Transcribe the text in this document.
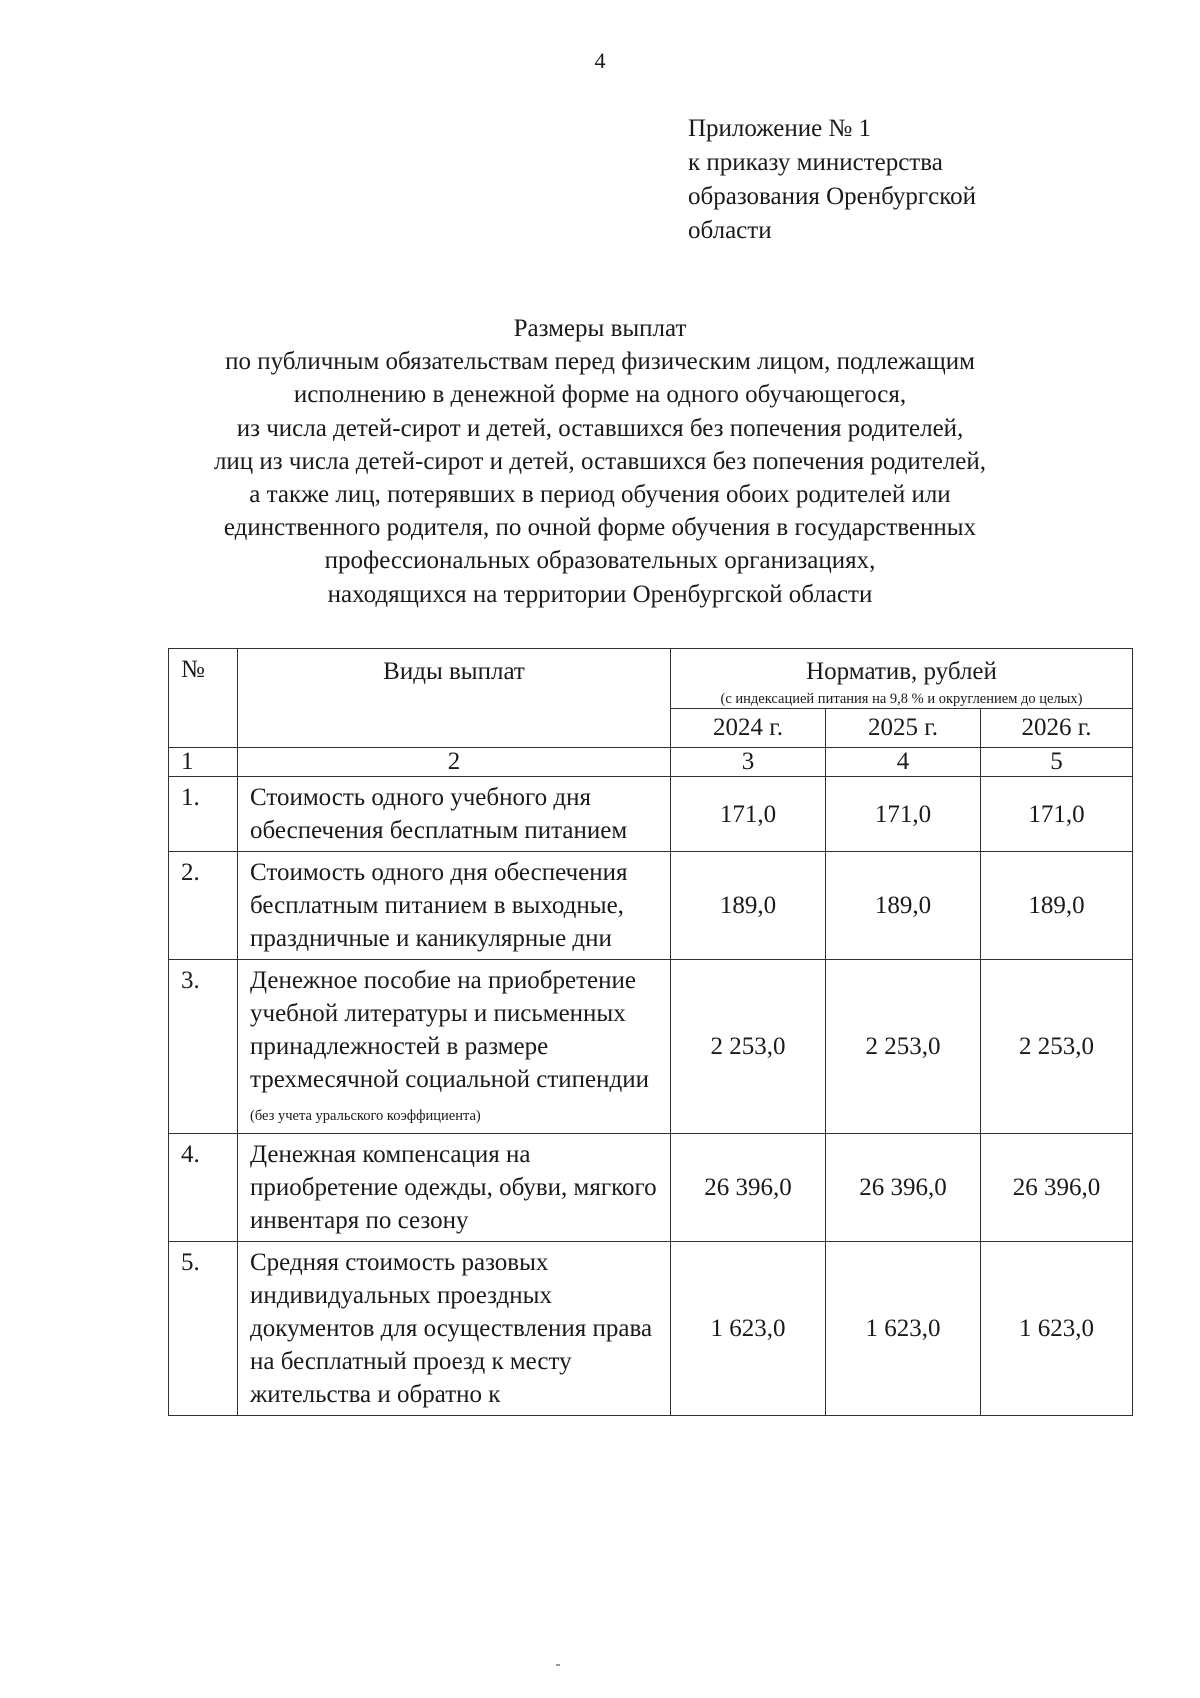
4
Приложение № 1
к приказу министерства
образования Оренбургской
области
Размеры выплат
по публичным обязательствам перед физическим лицом, подлежащим
исполнению в денежной форме на одного обучающегося,
из числа детей-сирот и детей, оставшихся без попечения родителей,
лиц из числа детей-сирот и детей, оставшихся без попечения родителей,
а также лиц, потерявших в период обучения обоих родителей или
единственного родителя, по очной форме обучения в государственных
профессиональных образовательных организациях,
находящихся на территории Оренбургской области
№	Виды выплат	Норматив, рублей
(с индексацией питания на 9,8 % и округлением до целых)		

		2024 г.	2025 г.	2026 г.
1	2	3	4	5
1.	Стоимость одного учебного дня обеспечения бесплатным питанием	171,0	171,0	171,0
2.	Стоимость одного дня обеспечения бесплатным питанием в выходные, праздничные и каникулярные дни	189,0	189,0	189,0
3.	Денежное пособие на приобретение учебной литературы и письменных принадлежностей в размере трехмесячной социальной стипендии (без учета уральского коэффициента)	2 253,0	2 253,0	2 253,0
4.	Денежная компенсация на приобретение одежды, обуви, мягкого инвентаря по сезону	26 396,0	26 396,0	26 396,0
5.	Средняя стоимость разовых индивидуальных проездных документов для осуществления права на бесплатный проезд к месту жительства и обратно к	1 623,0	1 623,0	1 623,0
